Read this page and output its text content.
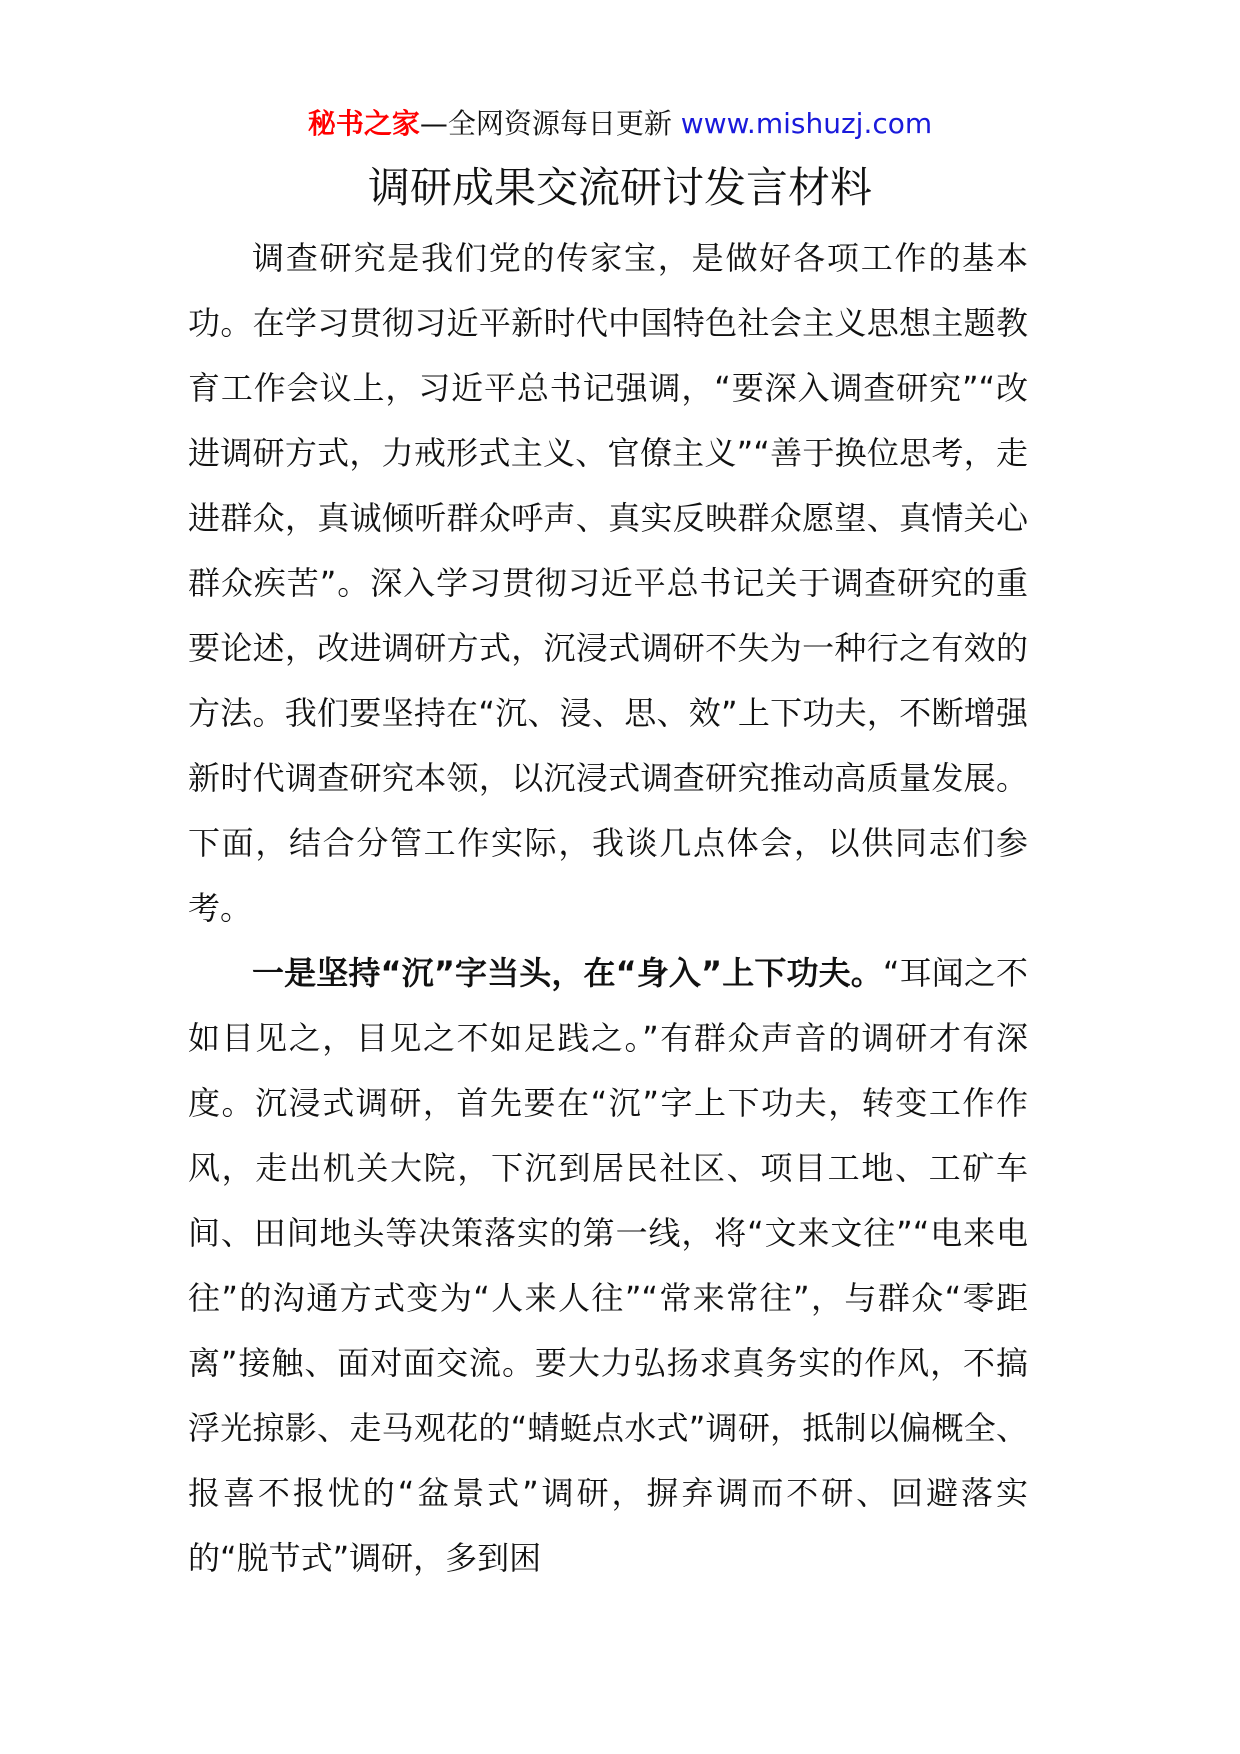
秘书之家—全网资源每日更新 www.mishuzj.com
调研成果交流研讨发言材料

调查研究是我们党的传家宝，是做好各项工作的基本功。在学习贯彻习近平新时代中国特色社会主义思想主题教育工作会议上，习近平总书记强调，“要深入调查研究”“改进调研方式，力戒形式主义、官僚主义”“善于换位思考，走进群众，真诚倾听群众呼声、真实反映群众愿望、真情关心群众疾苦”。深入学习贯彻习近平总书记关于调查研究的重要论述，改进调研方式，沉浸式调研不失为一种行之有效的方法。我们要坚持在“沉、浸、思、效”上下功夫，不断增强新时代调查研究本领，以沉浸式调查研究推动高质量发展。下面，结合分管工作实际，我谈几点体会，以供同志们参考。

一是坚持“沉”字当头，在“身入”上下功夫。“耳闻之不如目见之，目见之不如足践之。”有群众声音的调研才有深度。沉浸式调研，首先要在“沉”字上下功夫，转变工作作风，走出机关大院，下沉到居民社区、项目工地、工矿车间、田间地头等决策落实的第一线，将“文来文往”“电来电往”的沟通方式变为“人来人往”“常来常往”，与群众“零距离”接触、面对面交流。要大力弘扬求真务实的作风，不搞浮光掠影、走马观花的“蜻蜓点水式”调研，抵制以偏概全、报喜不报忧的“盆景式”调研，摒弃调而不研、回避落实的“脱节式”调研，多到困
